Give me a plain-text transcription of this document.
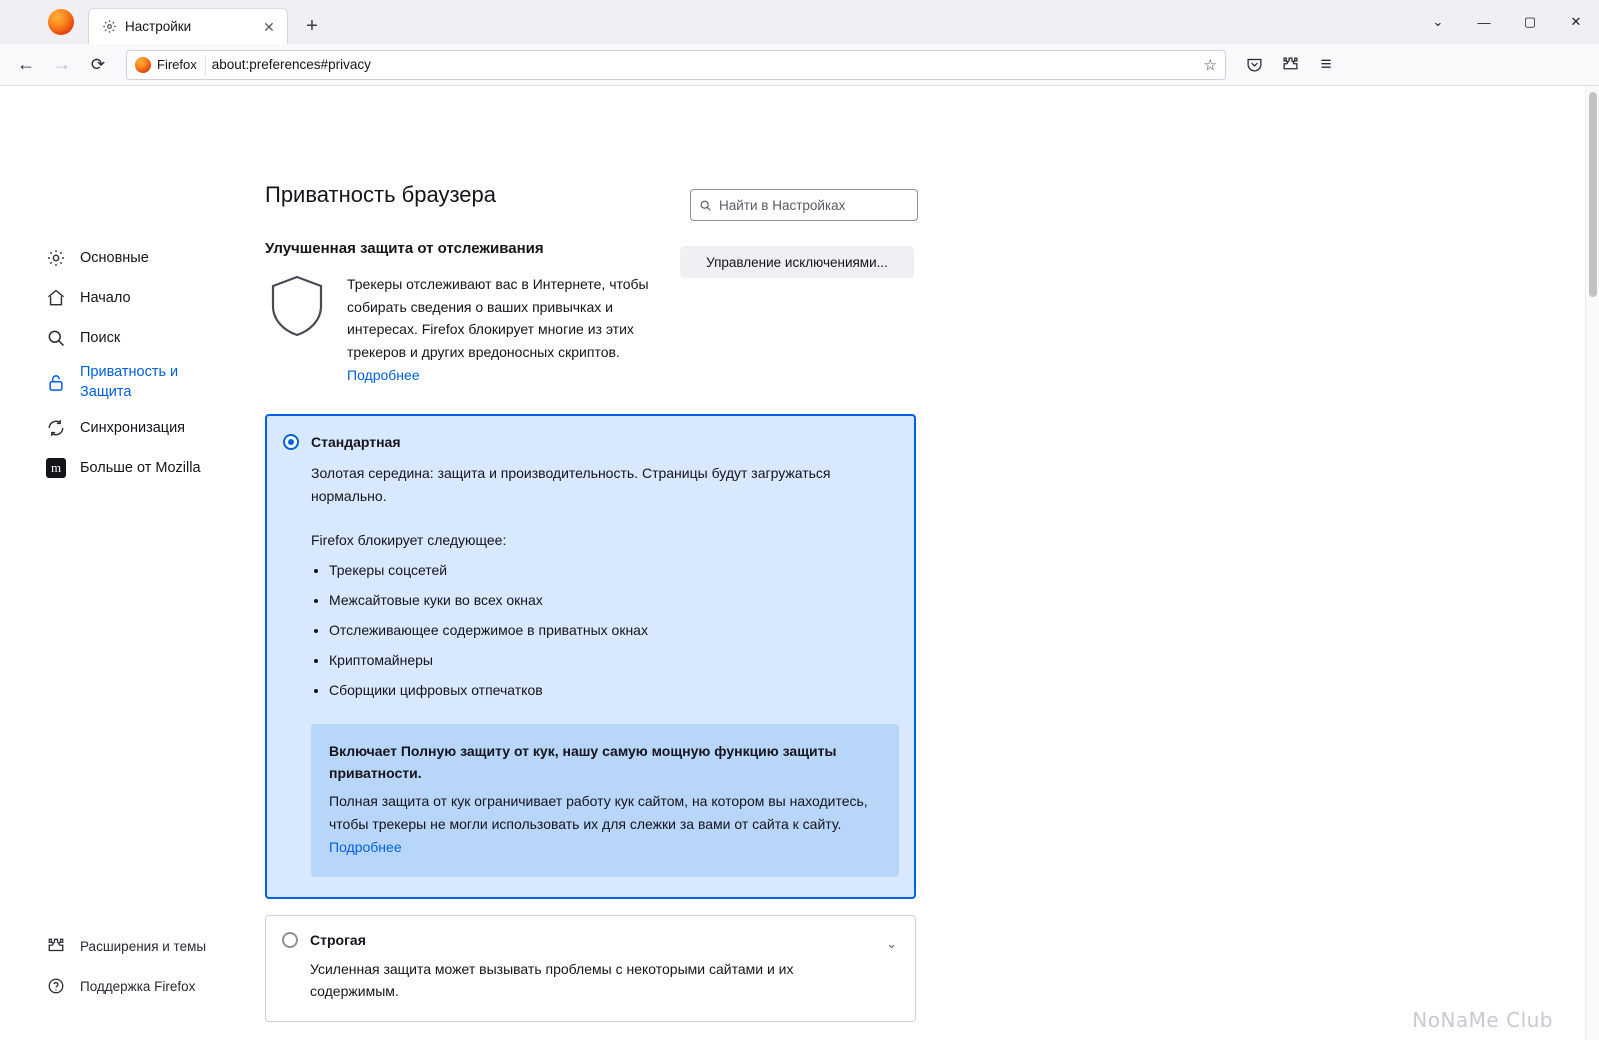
Настройки	✕	+	⌄	—	▢	✕
←	→	⟳	Firefox about:preferences#privacy	☆	≡
Основные
Начало
Поиск
Приватность и Защита
Синхронизация
m	Больше от Mozilla
Расширения и темы
Поддержка Firefox
Найти в Настройках
Приватность браузера
Улучшенная защита от отслеживания
Трекеры отслеживают вас в Интернете, чтобы собирать сведения о ваших привычках и интересах. Firefox блокирует многие из этих трекеров и других вредоносных скриптов.
Подробнее
Управление исключениями...
Стандартная
Золотая середина: защита и производительность. Страницы будут загружаться нормально.
Firefox блокирует следующее:
• Трекеры соцсетей
• Межсайтовые куки во всех окнах
• Отслеживающее содержимое в приватных окнах
• Криптомайнеры
• Сборщики цифровых отпечатков
Включает Полную защиту от кук, нашу самую мощную функцию защиты приватности.
Полная защита от кук ограничивает работу кук сайтом, на котором вы находитесь, чтобы трекеры не могли использовать их для слежки за вами от сайта к сайту.   Подробнее
⌄
Строгая
Усиленная защита может вызывать проблемы с некоторыми сайтами и их содержимым.
NoNaMe Club
